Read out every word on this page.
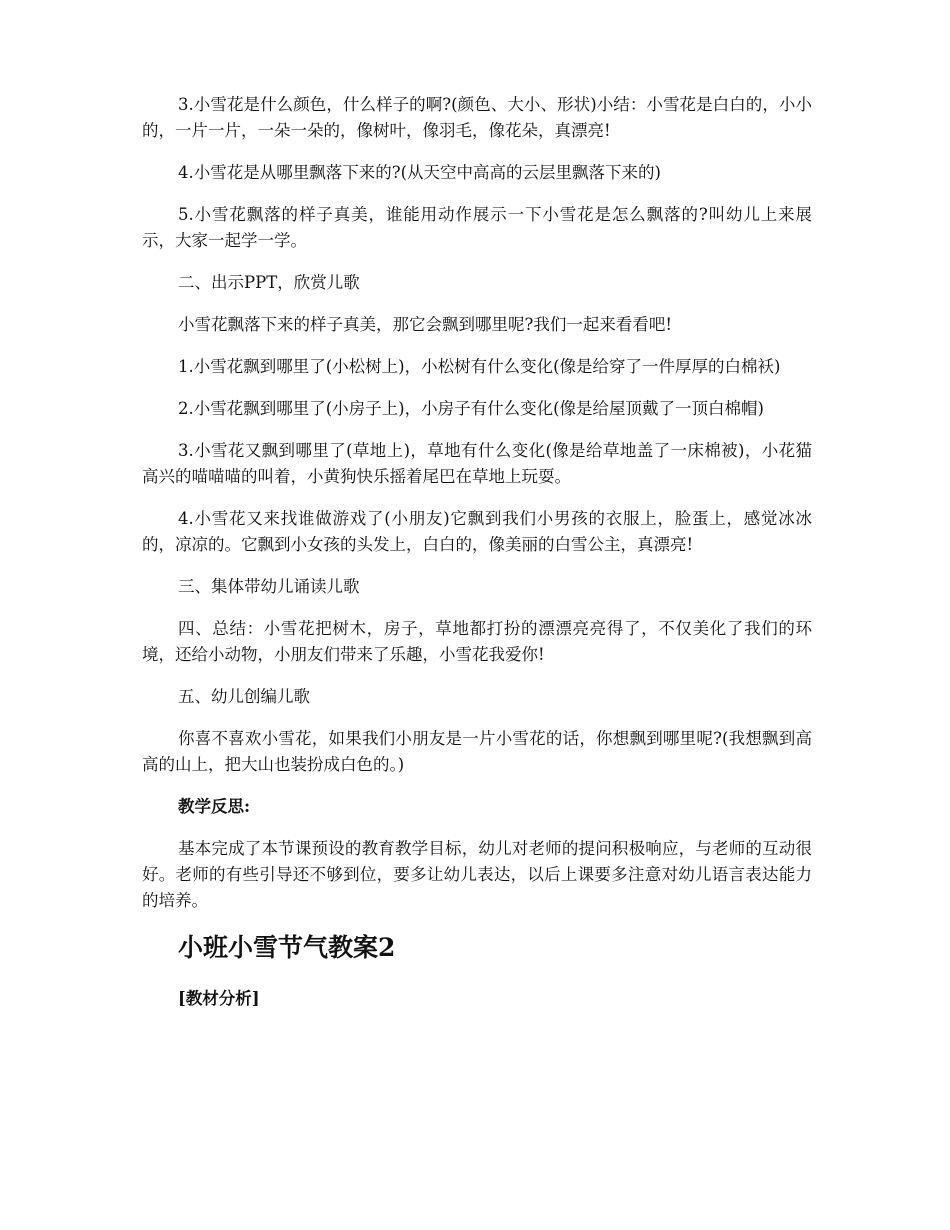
3.小雪花是什么颜色，什么样子的啊?(颜色、大小、形状)小结：小雪花是白白的，小小的，一片一片，一朵一朵的，像树叶，像羽毛，像花朵，真漂亮!

4.小雪花是从哪里飘落下来的?(从天空中高高的云层里飘落下来的)

5.小雪花飘落的样子真美，谁能用动作展示一下小雪花是怎么飘落的?叫幼儿上来展示，大家一起学一学。

二、出示PPT，欣赏儿歌

小雪花飘落下来的样子真美，那它会飘到哪里呢?我们一起来看看吧!

1.小雪花飘到哪里了(小松树上)，小松树有什么变化(像是给穿了一件厚厚的白棉袄)

2.小雪花飘到哪里了(小房子上)，小房子有什么变化(像是给屋顶戴了一顶白棉帽)

3.小雪花又飘到哪里了(草地上)，草地有什么变化(像是给草地盖了一床棉被)，小花猫高兴的喵喵喵的叫着，小黄狗快乐摇着尾巴在草地上玩耍。

4.小雪花又来找谁做游戏了(小朋友)它飘到我们小男孩的衣服上，脸蛋上，感觉冰冰的，凉凉的。它飘到小女孩的头发上，白白的，像美丽的白雪公主，真漂亮!

三、集体带幼儿诵读儿歌

四、总结：小雪花把树木，房子，草地都打扮的漂漂亮亮得了，不仅美化了我们的环境，还给小动物，小朋友们带来了乐趣，小雪花我爱你!

五、幼儿创编儿歌

你喜不喜欢小雪花，如果我们小朋友是一片小雪花的话，你想飘到哪里呢?(我想飘到高高的山上，把大山也装扮成白色的。)

教学反思:

基本完成了本节课预设的教育教学目标，幼儿对老师的提问积极响应，与老师的互动很好。老师的有些引导还不够到位，要多让幼儿表达，以后上课要多注意对幼儿语言表达能力的培养。

小班小雪节气教案2

[教材分析]
